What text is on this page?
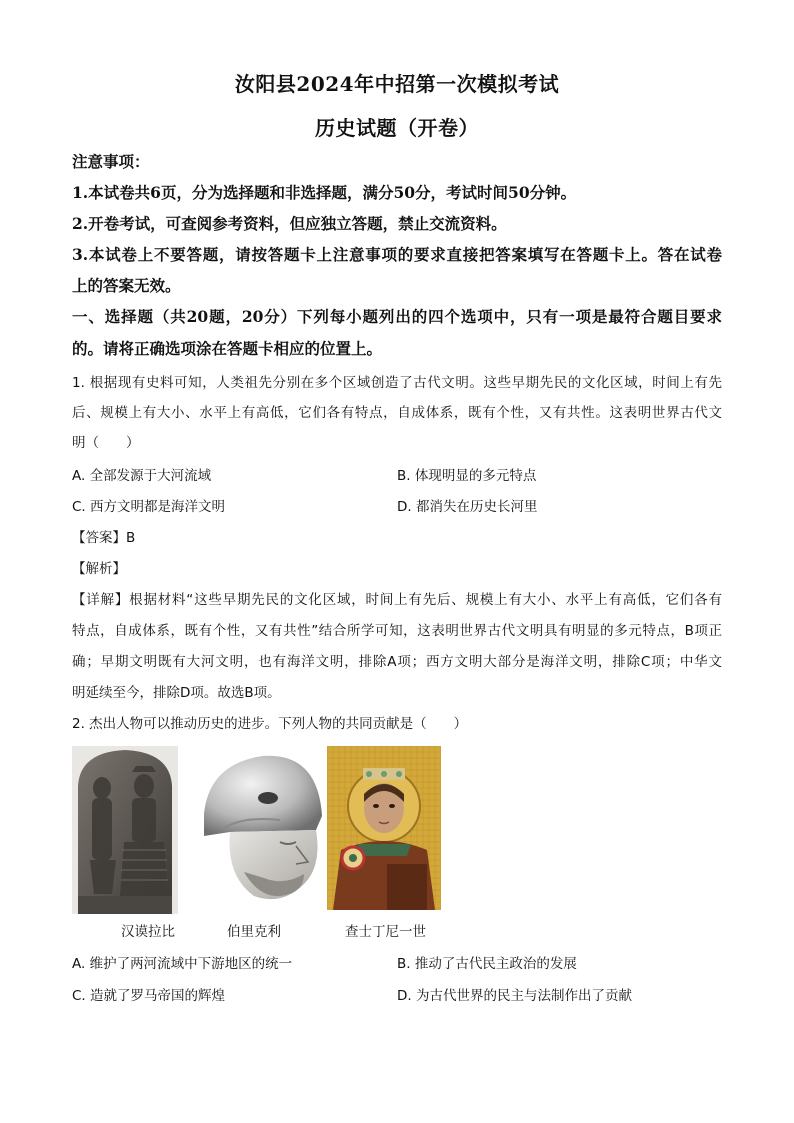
汝阳县2024年中招第一次模拟考试
历史试题（开卷）
注意事项：
1.本试卷共6页，分为选择题和非选择题，满分50分，考试时间50分钟。
2.开卷考试，可查阅参考资料，但应独立答题，禁止交流资料。
3.本试卷上不要答题，请按答题卡上注意事项的要求直接把答案填写在答题卡上。答在试卷
上的答案无效。
一、选择题（共20题，20分）下列每小题列出的四个选项中，只有一项是最符合题目要求
的。请将正确选项涂在答题卡相应的位置上。
1. 根据现有史料可知，人类祖先分别在多个区域创造了古代文明。这些早期先民的文化区域，时间上有先
后、规模上有大小、水平上有高低，它们各有特点，自成体系，既有个性，又有共性。这表明世界古代文
明（　　）
A. 全部发源于大河流域	B. 体现明显的多元特点
C. 西方文明都是海洋文明	D. 都消失在历史长河里
【答案】B
【解析】
【详解】根据材料“这些早期先民的文化区域，时间上有先后、规模上有大小、水平上有高低，它们各有
特点，自成体系，既有个性，又有共性”结合所学可知，这表明世界古代文明具有明显的多元特点，B项正
确；早期文明既有大河文明，也有海洋文明，排除A项；西方文明大部分是海洋文明，排除C项；中华文
明延续至今，排除D项。故选B项。
2. 杰出人物可以推动历史的进步。下列人物的共同贡献是（　　）
汉谟拉比	伯里克利	查士丁尼一世
A. 维护了两河流域中下游地区的统一	B. 推动了古代民主政治的发展
C. 造就了罗马帝国的辉煌	D. 为古代世界的民主与法制作出了贡献
